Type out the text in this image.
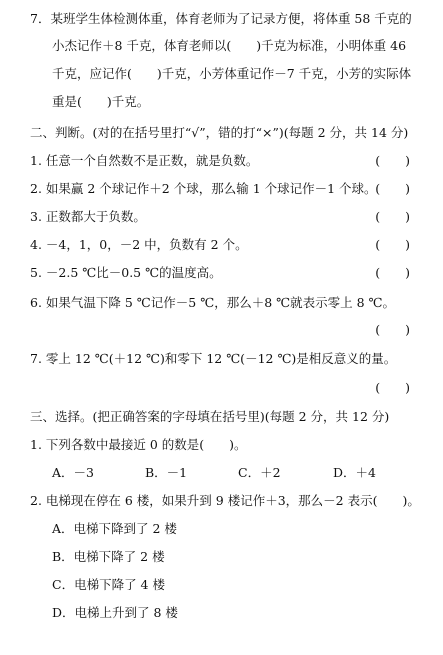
7．某班学生体检测体重，体育老师为了记录方便，将体重 58 千克的
小杰记作＋8 千克，体育老师以(　　)千克为标准，小明体重 46
千克，应记作(　　)千克，小芳体重记作－7 千克，小芳的实际体
重是(　　)千克。
二、判断。(对的在括号里打“√”，错的打“×”)(每题 2 分，共 14 分)
1. 任意一个自然数不是正数，就是负数。	(　　)
2. 如果赢 2 个球记作＋2 个球，那么输 1 个球记作－1 个球。
(　　)
3. 正数都大于负数。	(　　)
4. －4，1，0，－2 中，负数有 2 个。	(　　)
5. －2.5 ℃比－0.5 ℃的温度高。	(　　)
6. 如果气温下降 5 ℃记作－5 ℃，那么＋8 ℃就表示零上 8 ℃。
(　　)
7. 零上 12 ℃(＋12 ℃)和零下 12 ℃(－12 ℃)是相反意义的量。
(　　)
三、选择。(把正确答案的字母填在括号里)(每题 2 分，共 12 分)
1. 下列各数中最接近 0 的数是(　　)。
A．－3	B．－1	C．＋2	D．＋4
2. 电梯现在停在 6 楼，如果升到 9 楼记作＋3，那么－2 表示(　　)。
A．电梯下降到了 2 楼
B．电梯下降了 2 楼
C．电梯下降了 4 楼
D．电梯上升到了 8 楼
